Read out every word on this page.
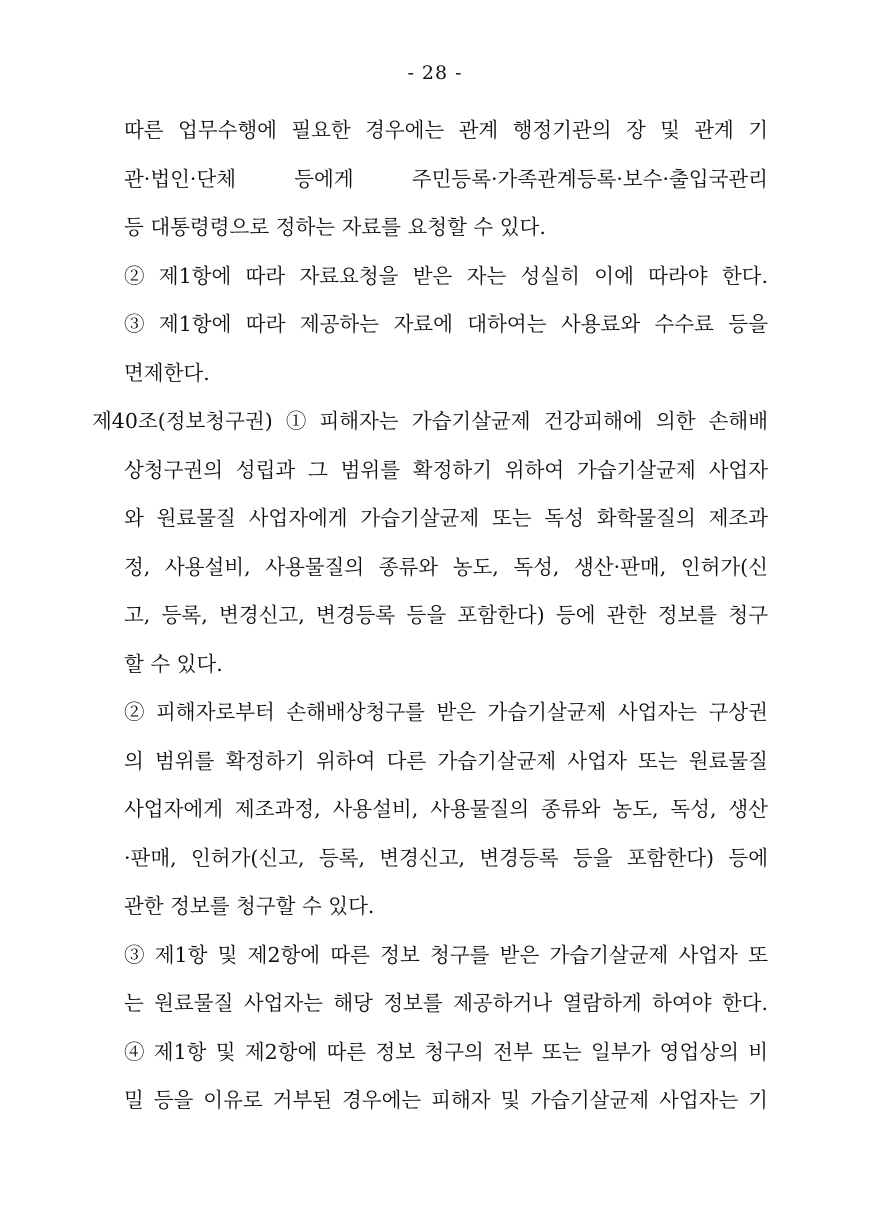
- 28 -
따른 업무수행에 필요한 경우에는 관계 행정기관의 장 및 관계 기
관·법인·단체 등에게 주민등록·가족관계등록·보수·출입국관리
등 대통령령으로 정하는 자료를 요청할 수 있다.
② 제1항에 따라 자료요청을 받은 자는 성실히 이에 따라야 한다.
③ 제1항에 따라 제공하는 자료에 대하여는 사용료와 수수료 등을
면제한다.
제40조(정보청구권) ① 피해자는 가습기살균제 건강피해에 의한 손해배
상청구권의 성립과 그 범위를 확정하기 위하여 가습기살균제 사업자
와 원료물질 사업자에게 가습기살균제 또는 독성 화학물질의 제조과
정, 사용설비, 사용물질의 종류와 농도, 독성, 생산·판매, 인허가(신
고, 등록, 변경신고, 변경등록 등을 포함한다) 등에 관한 정보를 청구
할 수 있다.
② 피해자로부터 손해배상청구를 받은 가습기살균제 사업자는 구상권
의 범위를 확정하기 위하여 다른 가습기살균제 사업자 또는 원료물질
사업자에게 제조과정, 사용설비, 사용물질의 종류와 농도, 독성, 생산
·판매, 인허가(신고, 등록, 변경신고, 변경등록 등을 포함한다) 등에
관한 정보를 청구할 수 있다.
③ 제1항 및 제2항에 따른 정보 청구를 받은 가습기살균제 사업자 또
는 원료물질 사업자는 해당 정보를 제공하거나 열람하게 하여야 한다.
④ 제1항 및 제2항에 따른 정보 청구의 전부 또는 일부가 영업상의 비
밀 등을 이유로 거부된 경우에는 피해자 및 가습기살균제 사업자는 기
